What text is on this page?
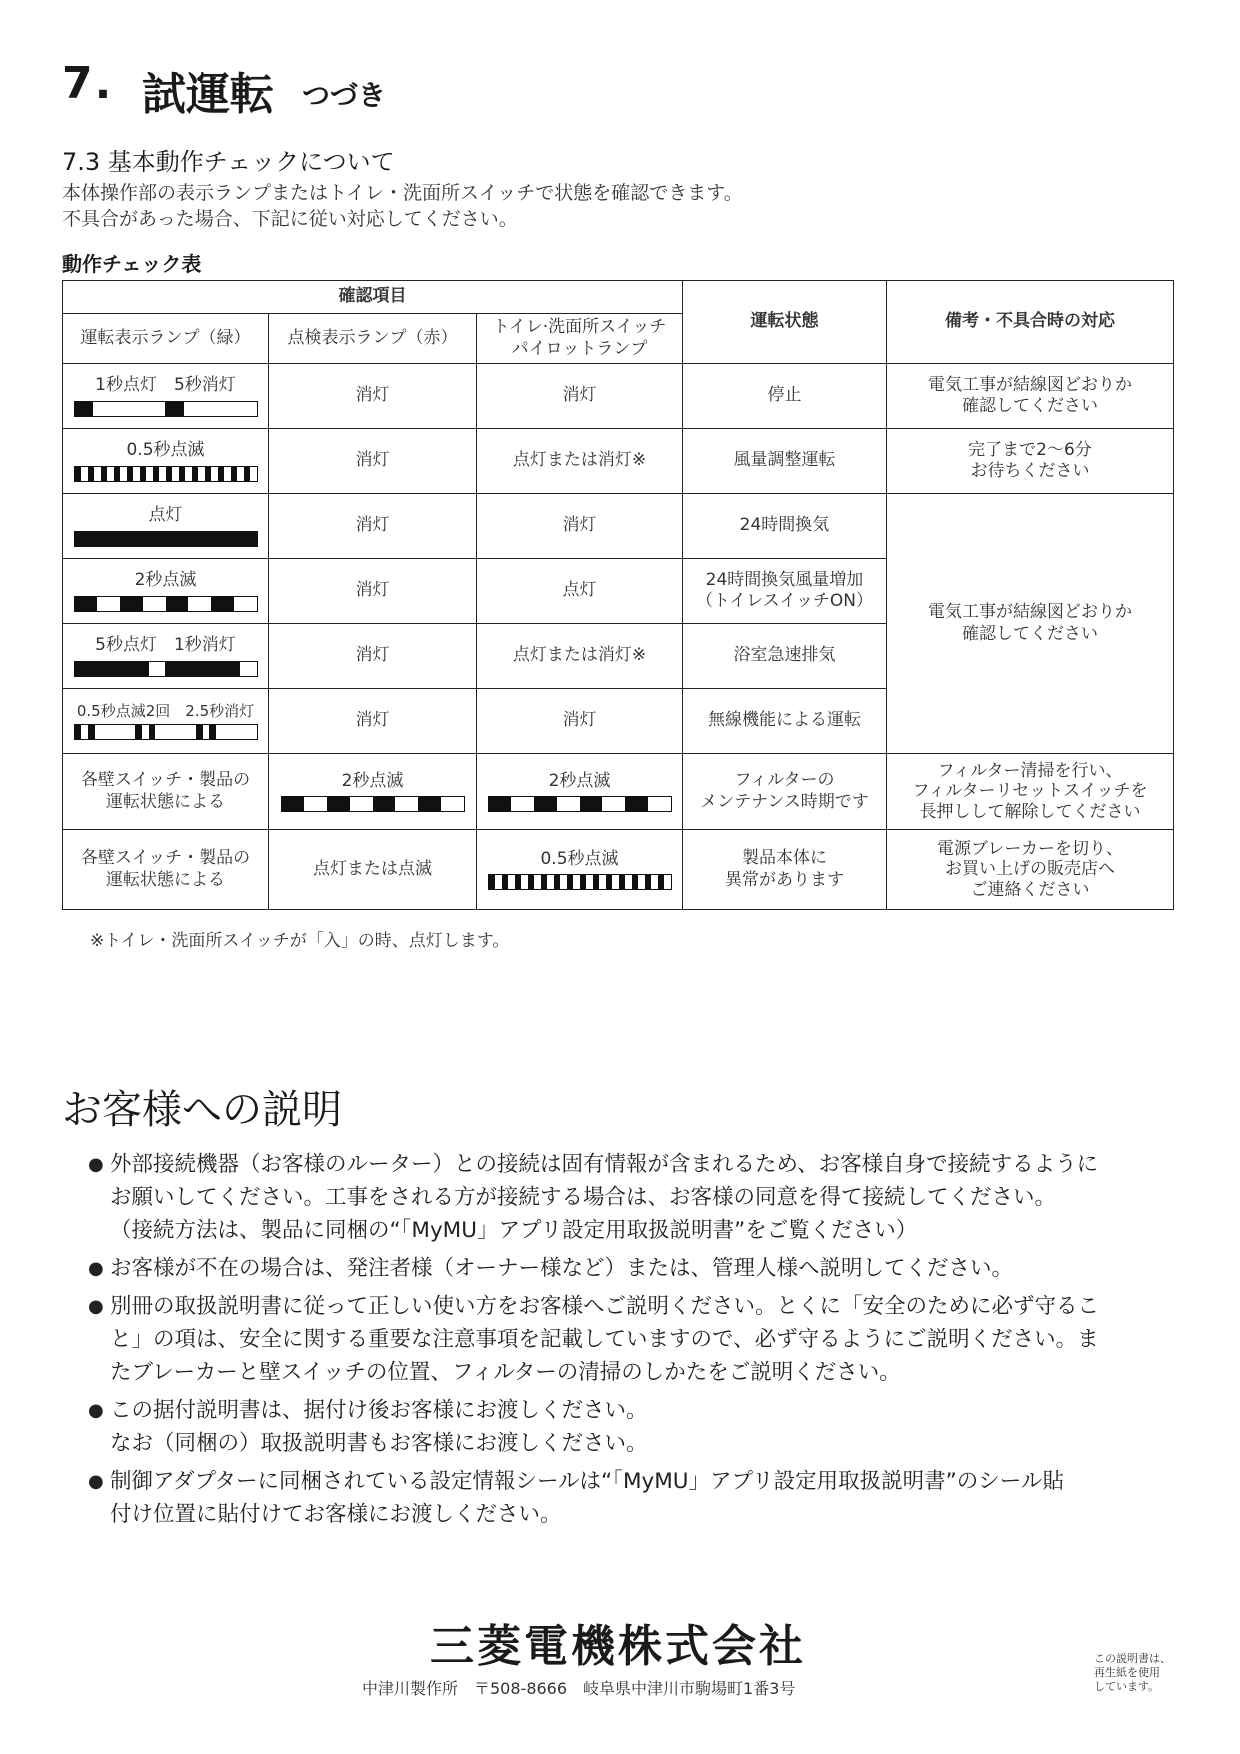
7. 試運転 つづき
7.3 基本動作チェックについて
本体操作部の表示ランプまたはトイレ・洗面所スイッチで状態を確認できます。
不具合があった場合、下記に従い対応してください。
動作チェック表
確認項目			運転状態	備考・不具合時の対応
運転表示ランプ（緑）	点検表示ランプ（赤）	トイレ·洗面所スイッチ
パイロットランプ		

1秒点灯　5秒消灯	消灯	消灯	停止	電気工事が結線図どおりか
確認してください

0.5秒点滅	消灯	点灯または消灯※	風量調整運転	完了まで2〜6分
お待ちください

点灯	消灯	消灯	24時間換気	電気工事が結線図どおりか
確認してください

2秒点滅	消灯	点灯	24時間換気風量増加
（トイレスイッチON）	

5秒点灯　1秒消灯	消灯	点灯または消灯※	浴室急速排気	

0.5秒点滅2回　2.5秒消灯	消灯	消灯	無線機能による運転	
各壁スイッチ・製品の
運転状態による	2秒点滅	2秒点滅	フィルターの
メンテナンス時期です	フィルター清掃を行い、
フィルターリセットスイッチを
長押しして解除してください
各壁スイッチ・製品の
運転状態による	点灯または点滅	0.5秒点滅	製品本体に
異常があります	電源ブレーカーを切り、
お買い上げの販売店へ
ご連絡ください
※トイレ・洗面所スイッチが「入」の時、点灯します。
お客様への説明
● 外部接続機器（お客様のルーター）との接続は固有情報が含まれるため、お客様自身で接続するように
お願いしてください。工事をされる方が接続する場合は、お客様の同意を得て接続してください。
（接続方法は、製品に同梱の“「MyMU」アプリ設定用取扱説明書”をご覧ください）
● お客様が不在の場合は、発注者様（オーナー様など）または、管理人様へ説明してください。
● 別冊の取扱説明書に従って正しい使い方をお客様へご説明ください。とくに「安全のために必ず守るこ
と」の項は、安全に関する重要な注意事項を記載していますので、必ず守るようにご説明ください。ま
たブレーカーと壁スイッチの位置、フィルターの清掃のしかたをご説明ください。
● この据付説明書は、据付け後お客様にお渡しください。
なお（同梱の）取扱説明書もお客様にお渡しください。
● 制御アダプターに同梱されている設定情報シールは“「MyMU」アプリ設定用取扱説明書”のシール貼
付け位置に貼付けてお客様にお渡しください。
三菱電機株式会社
中津川製作所　〒508-8666　岐阜県中津川市駒場町1番3号
この説明書は、
再生紙を使用
しています。
